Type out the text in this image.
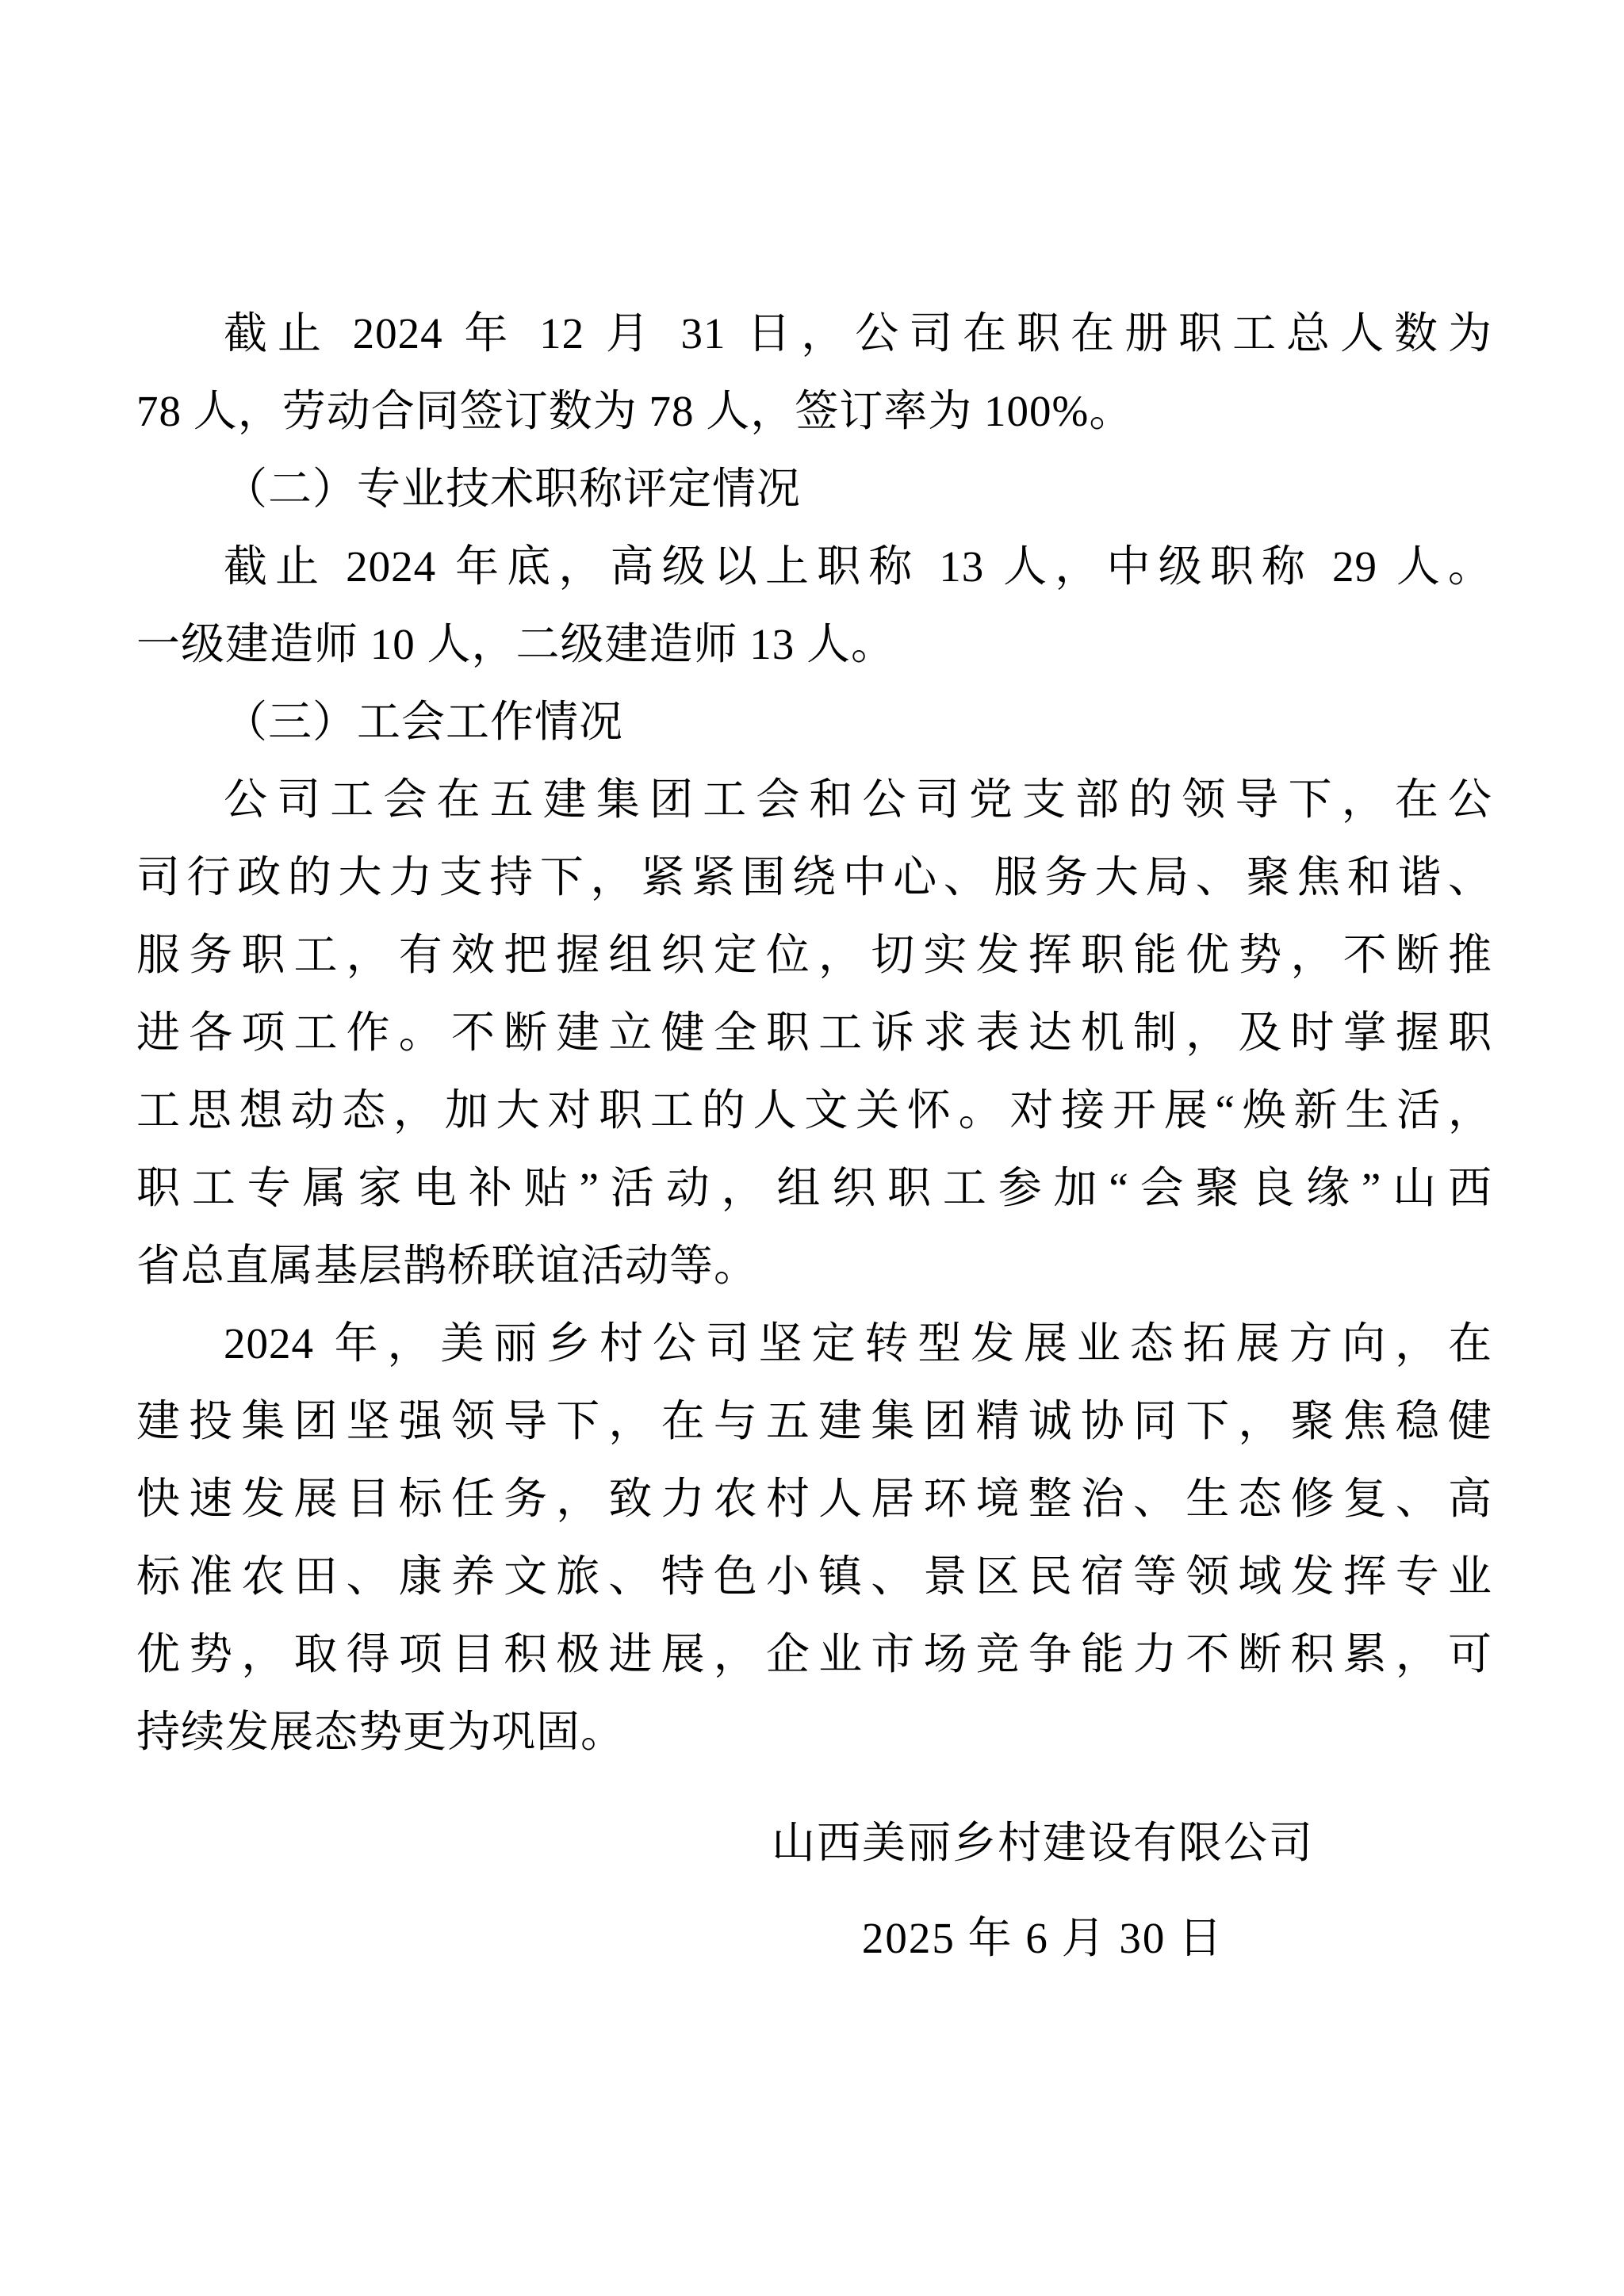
截止 2024 年 12 月 31 日，公司在职在册职工总人数为

78 人，劳动合同签订数为 78 人，签订率为 100%。

（二）专业技术职称评定情况

截止 2024 年底，高级以上职称 13 人，中级职称 29 人。

一级建造师 10 人，二级建造师 13 人。

（三）工会工作情况

公司工会在五建集团工会和公司党支部的领导下，在公

司行政的大力支持下，紧紧围绕中心、服务大局、聚焦和谐、

服务职工，有效把握组织定位，切实发挥职能优势，不断推

进各项工作。不断建立健全职工诉求表达机制，及时掌握职

工思想动态，加大对职工的人文关怀。对接开展“焕新生活，

职工专属家电补贴”活动，组织职工参加“会聚良缘”山西

省总直属基层鹊桥联谊活动等。

2024 年，美丽乡村公司坚定转型发展业态拓展方向，在

建投集团坚强领导下，在与五建集团精诚协同下，聚焦稳健

快速发展目标任务，致力农村人居环境整治、生态修复、高

标准农田、康养文旅、特色小镇、景区民宿等领域发挥专业

优势，取得项目积极进展，企业市场竞争能力不断积累，可

持续发展态势更为巩固。

山西美丽乡村建设有限公司

2025 年 6 月 30 日
